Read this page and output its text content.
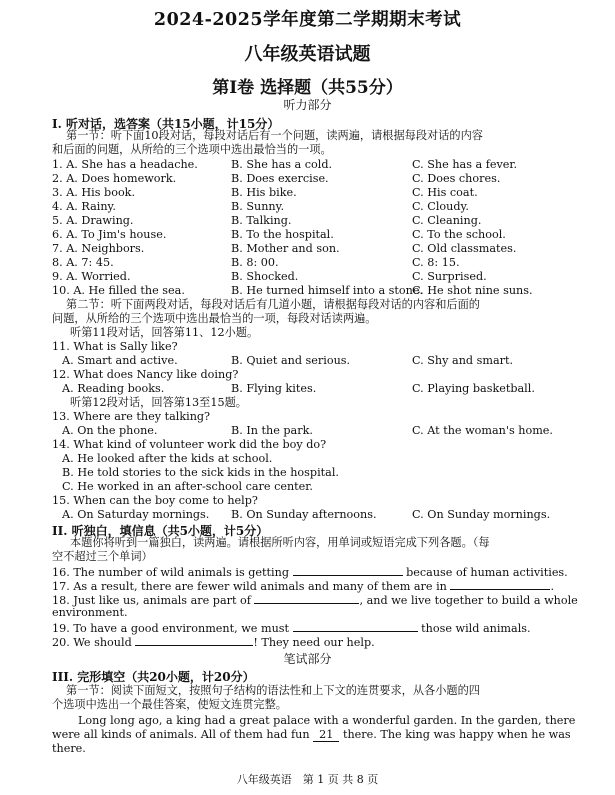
2024-2025学年度第二学期期末考试
八年级英语试题
第Ⅰ卷 选择题（共55分）
听力部分
I. 听对话，选答案（共15小题，计15分）
第一节：听下面10段对话，每段对话后有一个问题，读两遍，请根据每段对话的内容
和后面的问题，从所给的三个选项中选出最恰当的一项。
1. A. She has a headache.	B. She has a cold.	C. She has a fever.
2. A. Does homework.	B. Does exercise.	C. Does chores.
3. A. His book.	B. His bike.	C. His coat.
4. A. Rainy.	B. Sunny.	C. Cloudy.
5. A. Drawing.	B. Talking.	C. Cleaning.
6. A. To Jim's house.	B. To the hospital.	C. To the school.
7. A. Neighbors.	B. Mother and son.	C. Old classmates.
8. A. 7: 45.	B. 8: 00.	C. 8: 15.
9. A. Worried.	B. Shocked.	C. Surprised.
10. A. He filled the sea.	B. He turned himself into a stone.
C. He shot nine suns.
第二节：听下面两段对话，每段对话后有几道小题，请根据每段对话的内容和后面的
问题，从所给的三个选项中选出最恰当的一项，每段对话读两遍。
听第11段对话，回答第11、12小题。
11. What is Sally like?
A. Smart and active.	B. Quiet and serious.	C. Shy and smart.
12. What does Nancy like doing?
A. Reading books.	B. Flying kites.	C. Playing basketball.
听第12段对话，回答第13至15题。
13. Where are they talking?
A. On the phone.	B. In the park.	C. At the woman's home.
14. What kind of volunteer work did the boy do?
A. He looked after the kids at school.
B. He told stories to the sick kids in the hospital.
C. He worked in an after-school care center.
15. When can the boy come to help?
A. On Saturday mornings. B. On Sunday afternoons.	C. On Sunday mornings.
II. 听独白，填信息（共5小题，计5分）
本题你将听到一篇独白，读两遍。请根据所听内容，用单词或短语完成下列各题。（每
空不超过三个单词）
16. The number of wild animals is getting	because of human activities.
17. As a result, there are fewer wild animals and many of them are in	.
18. Just like us, animals are part of	, and we live together to build a whole
environment.
19. To have a good environment, we must	those wild animals.
20. We should	! They need our help.
笔试部分
III. 完形填空（共20小题，计20分）
第一节：阅读下面短文，按照句子结构的语法性和上下文的连贯要求，从各小题的四
个选项中选出一个最佳答案，使短文连贯完整。
Long long ago, a king had a great palace with a wonderful garden. In the garden, there
were all kinds of animals. All of them had fun 21 there. The king was happy when he was
there.
八年级英语　第 1 页 共 8 页
